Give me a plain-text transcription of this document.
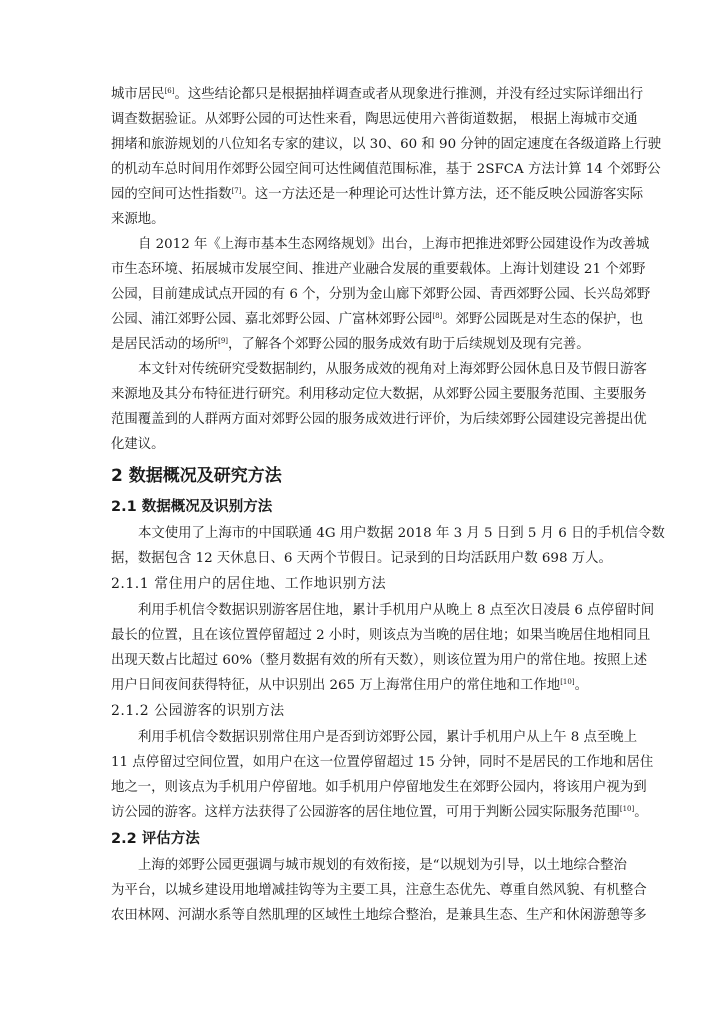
城市居民[6]。这些结论都只是根据抽样调查或者从现象进行推测，并没有经过实际详细出行
调查数据验证。从郊野公园的可达性来看，陶思远使用六普街道数据， 根据上海城市交通
拥堵和旅游规划的八位知名专家的建议，以 30、60 和 90 分钟的固定速度在各级道路上行驶
的机动车总时间用作郊野公园空间可达性阈值范围标准，基于 2SFCA 方法计算 14 个郊野公
园的空间可达性指数[7]。这一方法还是一种理论可达性计算方法，还不能反映公园游客实际
来源地。
自 2012 年《上海市基本生态网络规划》出台，上海市把推进郊野公园建设作为改善城
市生态环境、拓展城市发展空间、推进产业融合发展的重要载体。上海计划建设 21 个郊野
公园，目前建成试点开园的有 6 个，分别为金山廊下郊野公园、青西郊野公园、长兴岛郊野
公园、浦江郊野公园、嘉北郊野公园、广富林郊野公园[8]。郊野公园既是对生态的保护，也
是居民活动的场所[9]，了解各个郊野公园的服务成效有助于后续规划及现有完善。
本文针对传统研究受数据制约，从服务成效的视角对上海郊野公园休息日及节假日游客
来源地及其分布特征进行研究。利用移动定位大数据，从郊野公园主要服务范围、主要服务
范围覆盖到的人群两方面对郊野公园的服务成效进行评价，为后续郊野公园建设完善提出优
化建议。
2 数据概况及研究方法
2.1 数据概况及识别方法
本文使用了上海市的中国联通 4G 用户数据 2018 年 3 月 5 日到 5 月 6 日的手机信令数
据，数据包含 12 天休息日、6 天两个节假日。记录到的日均活跃用户数 698 万人。
2.1.1 常住用户的居住地、工作地识别方法
利用手机信令数据识别游客居住地，累计手机用户从晚上 8 点至次日凌晨 6 点停留时间
最长的位置，且在该位置停留超过 2 小时，则该点为当晚的居住地；如果当晚居住地相同且
出现天数占比超过 60%（整月数据有效的所有天数），则该位置为用户的常住地。按照上述
用户日间夜间获得特征，从中识别出 265 万上海常住用户的常住地和工作地[10]。
2.1.2 公园游客的识别方法
利用手机信令数据识别常住用户是否到访郊野公园，累计手机用户从上午 8 点至晚上
11 点停留过空间位置，如用户在这一位置停留超过 15 分钟，同时不是居民的工作地和居住
地之一，则该点为手机用户停留地。如手机用户停留地发生在郊野公园内，将该用户视为到
访公园的游客。这样方法获得了公园游客的居住地位置，可用于判断公园实际服务范围[10]。
2.2 评估方法
上海的郊野公园更强调与城市规划的有效衔接，是“以规划为引导，以土地综合整治
为平台，以城乡建设用地增减挂钩等为主要工具，注意生态优先、尊重自然风貌、有机整合
农田林网、河湖水系等自然肌理的区域性土地综合整治，是兼具生态、生产和休闲游憩等多
